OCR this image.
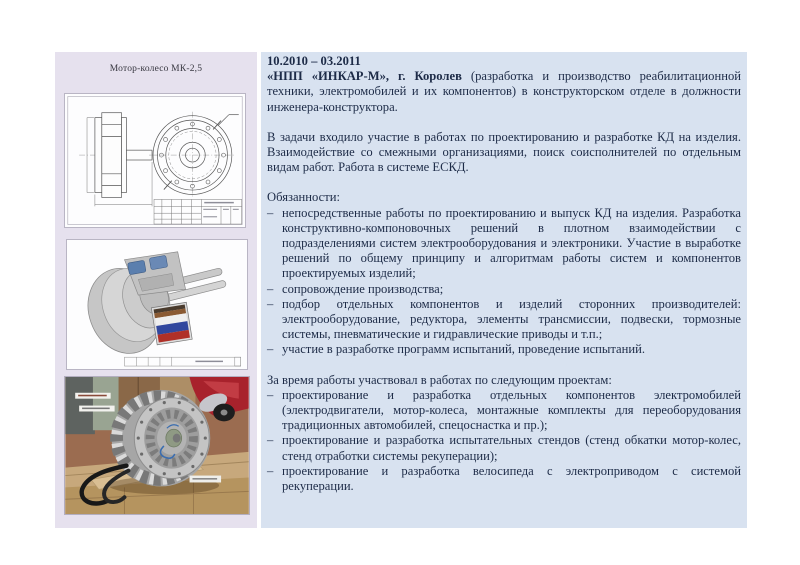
Мотор-колесо МК-2,5

10.2010 – 03.2011

«НПП «ИНКАР-М», г. Королев (разработка и производство реабилитационной техники, электромобилей и их компонентов) в конструкторском отделе в должности инженера-конструктора.

В задачи входило участие в работах по проектированию и разработке КД на изделия. Взаимодействие со смежными организациями, поиск соисполнителей по отдельным видам работ. Работа в системе ЕСКД.

Обязанности:

– непосредственные работы по проектированию и выпуск КД на изделия. Разработка конструктивно-компоновочных решений в плотном взаимодействии с подразделениями систем электрооборудования и электроники. Участие в выработке решений по общему принципу и алгоритмам работы систем и компонентов проектируемых изделий;
– сопровождение производства;
– подбор отдельных компонентов и изделий сторонних производителей: электрооборудование, редуктора, элементы трансмиссии, подвески, тормозные системы, пневматические и гидравлические приводы и т.п.;
– участие в разработке программ испытаний, проведение испытаний.

За время работы участвовал в работах по следующим проектам:

– проектирование и разработка отдельных компонентов электромобилей (электродвигатели, мотор-колеса, монтажные комплекты для переоборудования традиционных автомобилей, спецоснастка и пр.);
– проектирование и разработка испытательных стендов (стенд обкатки мотор-колес, стенд отработки системы рекуперации);
– проектирование и разработка велосипеда с электроприводом с системой рекуперации.
